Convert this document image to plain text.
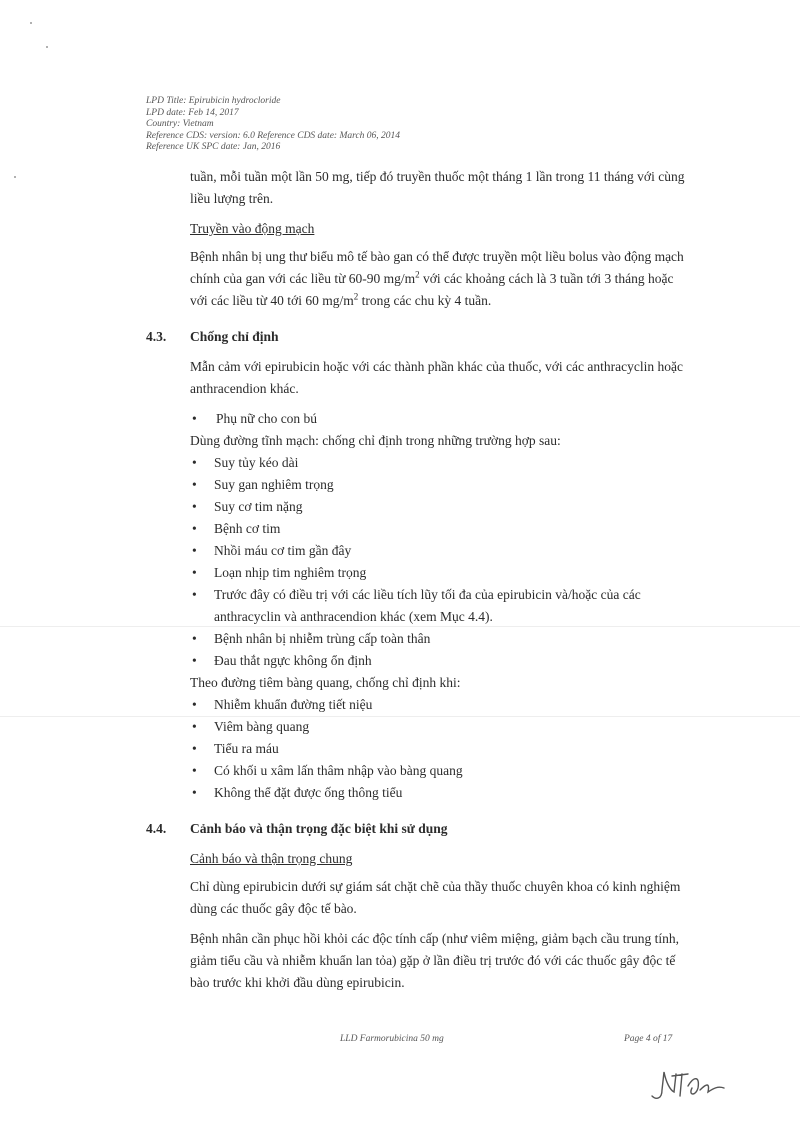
LPD Title: Epirubicin hydrocloride
LPD date: Feb 14, 2017
Country: Vietnam
Reference CDS: version: 6.0 Reference CDS date: March 06, 2014
Reference UK SPC date: Jan, 2016

tuần, mỗi tuần một lần 50 mg, tiếp đó truyền thuốc một tháng 1 lần trong 11 tháng với cùng liều lượng trên.

Truyền vào động mạch

Bệnh nhân bị ung thư biểu mô tế bào gan có thể được truyền một liều bolus vào động mạch chính của gan với các liều từ 60-90 $mg/m^2$ với các khoảng cách là 3 tuần tới 3 tháng hoặc với các liều từ 40 tới 60 $mg/m^2$ trong các chu kỳ 4 tuần.

4.3. Chống chỉ định

Mẫn cảm với epirubicin hoặc với các thành phần khác của thuốc, với các anthracyclin hoặc anthracendion khác.

• Phụ nữ cho con bú

Dùng đường tĩnh mạch: chống chỉ định trong những trường hợp sau:

• Suy tủy kéo dài
• Suy gan nghiêm trọng
• Suy cơ tim nặng
• Bệnh cơ tim
• Nhồi máu cơ tim gần đây
• Loạn nhịp tim nghiêm trọng
• Trước đây có điều trị với các liều tích lũy tối đa của epirubicin và/hoặc của các anthracyclin và anthracendion khác (xem Mục 4.4).
• Bệnh nhân bị nhiễm trùng cấp toàn thân
• Đau thắt ngực không ổn định

Theo đường tiêm bàng quang, chống chỉ định khi:

• Nhiễm khuẩn đường tiết niệu
• Viêm bàng quang
• Tiểu ra máu
• Có khối u xâm lấn thâm nhập vào bàng quang
• Không thể đặt được ống thông tiểu
4.4. Cảnh báo và thận trọng đặc biệt khi sử dụng

Cảnh báo và thận trọng chung

Chỉ dùng epirubicin dưới sự giám sát chặt chẽ của thầy thuốc chuyên khoa có kinh nghiệm dùng các thuốc gây độc tế bào.

Bệnh nhân cần phục hồi khỏi các độc tính cấp (như viêm miệng, giảm bạch cầu trung tính, giảm tiểu cầu và nhiễm khuẩn lan tỏa) gặp ở lần điều trị trước đó với các thuốc gây độc tế bào trước khi khởi đầu dùng epirubicin.

LLD Farmorubicina 50 mg	Page 4 of 17
